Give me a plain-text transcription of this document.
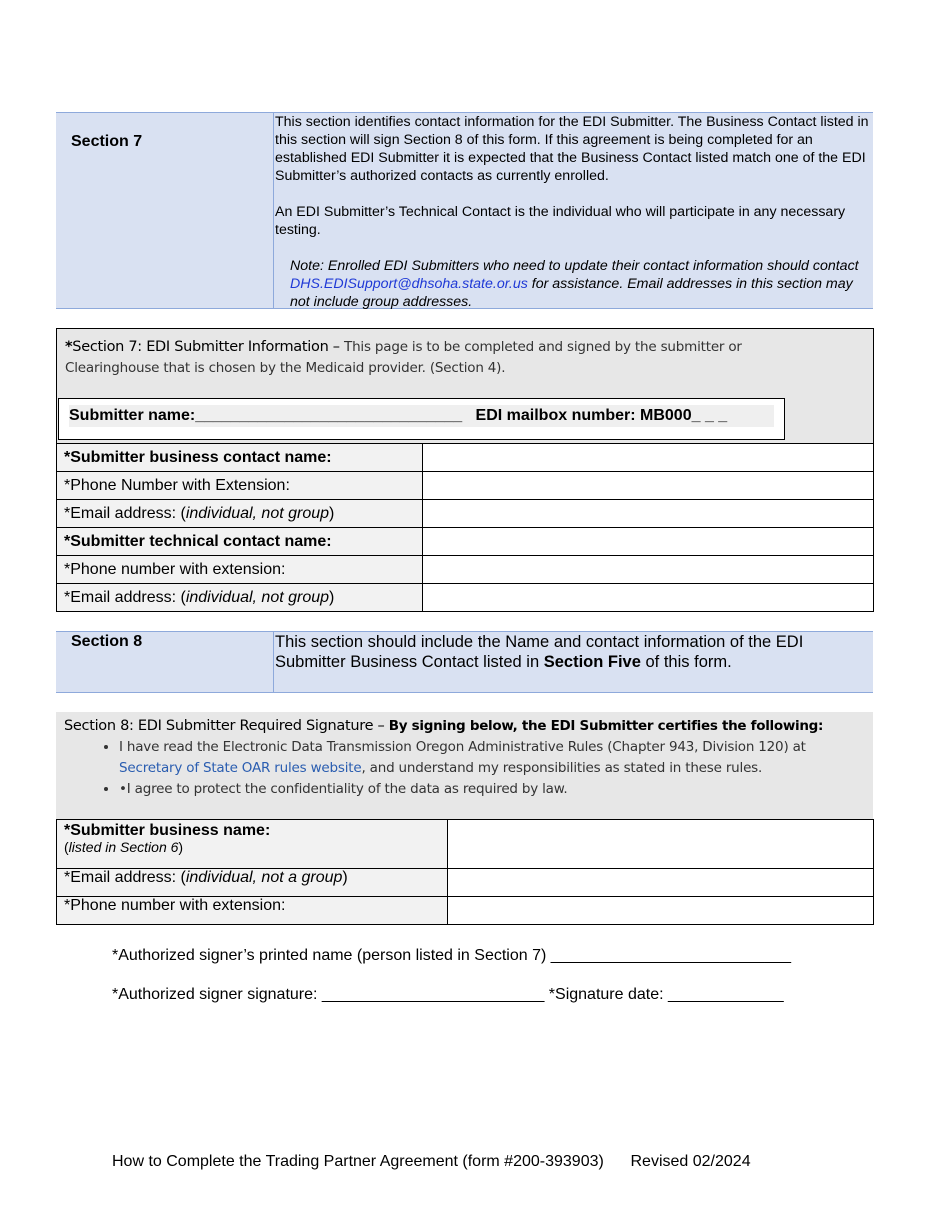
Section 7

This section identifies contact information for the EDI Submitter. The Business Contact listed in this section will sign Section 8 of this form. If this agreement is being completed for an established EDI Submitter it is expected that the Business Contact listed match one of the EDI Submitter’s authorized contacts as currently enrolled.

An EDI Submitter’s Technical Contact is the individual who will participate in any necessary testing.

Note: Enrolled EDI Submitters who need to update their contact information should contact DHS.EDISupport@dhsoha.state.or.us for assistance. Email addresses in this section may not include group addresses.

*Section 7: EDI Submitter Information – This page is to be completed and signed by the submitter or Clearinghouse that is chosen by the Medicaid provider. (Section 4).
Submitter name:______________________________ EDI mailbox number: MB000_ _ _
*Submitter business contact name:	
*Phone Number with Extension:	
*Email address: (individual, not group)	
*Submitter technical contact name:	
*Phone number with extension:	
*Email address: (individual, not group)	
Section 8	This section should include the Name and contact information of the EDI Submitter Business Contact listed in Section Five of this form.
Section 8: EDI Submitter Required Signature – By signing below, the EDI Submitter certifies the following:
• I have read the Electronic Data Transmission Oregon Administrative Rules (Chapter 943, Division 120) at Secretary of State OAR rules website, and understand my responsibilities as stated in these rules.
• •I agree to protect the confidentiality of the data as required by law.
*Submitter business name:
(listed in Section 6)	
*Email address: (individual, not a group)	
*Phone number with extension:	
*Authorized signer’s printed name (person listed in Section 7) ___________________________
*Authorized signer signature: _________________________ *Signature date: _____________
How to Complete the Trading Partner Agreement (form #200-393903) Revised 02/2024
